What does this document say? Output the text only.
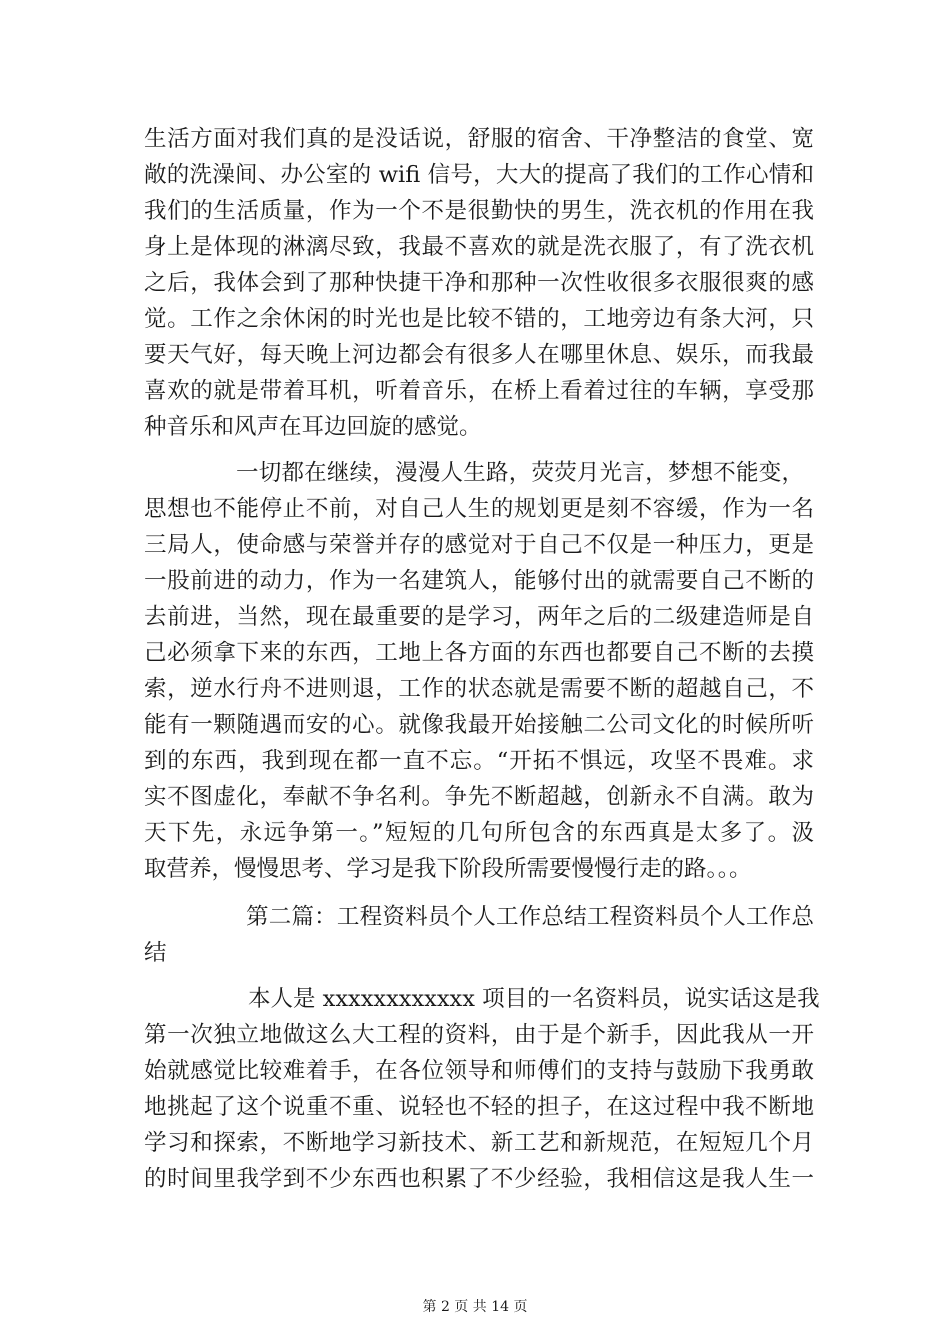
生活方面对我们真的是没话说，舒服的宿舍、干净整洁的食堂、宽
敞的洗澡间、办公室的 wifi 信号，大大的提高了我们的工作心情和
我们的生活质量，作为一个不是很勤快的男生，洗衣机的作用在我
身上是体现的淋漓尽致，我最不喜欢的就是洗衣服了，有了洗衣机
之后，我体会到了那种快捷干净和那种一次性收很多衣服很爽的感
觉。工作之余休闲的时光也是比较不错的，工地旁边有条大河，只
要天气好，每天晚上河边都会有很多人在哪里休息、娱乐，而我最
喜欢的就是带着耳机，听着音乐，在桥上看着过往的车辆，享受那
种音乐和风声在耳边回旋的感觉。
一切都在继续，漫漫人生路，荧荧月光言，梦想不能变，
思想也不能停止不前，对自己人生的规划更是刻不容缓，作为一名
三局人，使命感与荣誉并存的感觉对于自己不仅是一种压力，更是
一股前进的动力，作为一名建筑人，能够付出的就需要自己不断的
去前进，当然，现在最重要的是学习，两年之后的二级建造师是自
己必须拿下来的东西，工地上各方面的东西也都要自己不断的去摸
索，逆水行舟不进则退，工作的状态就是需要不断的超越自己，不
能有一颗随遇而安的心。就像我最开始接触二公司文化的时候所听
到的东西，我到现在都一直不忘。“开拓不惧远，攻坚不畏难。求
实不图虚化，奉献不争名利。争先不断超越，创新永不自满。敢为
天下先，永远争第一。”短短的几句所包含的东西真是太多了。汲
取营养，慢慢思考、学习是我下阶段所需要慢慢行走的路。。。
第二篇：工程资料员个人工作总结工程资料员个人工作总
结
本人是 xxxxxxxxxxxx 项目的一名资料员，说实话这是我
第一次独立地做这么大工程的资料，由于是个新手，因此我从一开
始就感觉比较难着手，在各位领导和师傅们的支持与鼓励下我勇敢
地挑起了这个说重不重、说轻也不轻的担子，在这过程中我不断地
学习和探索，不断地学习新技术、新工艺和新规范，在短短几个月
的时间里我学到不少东西也积累了不少经验，我相信这是我人生一
第 2 页 共 14 页
